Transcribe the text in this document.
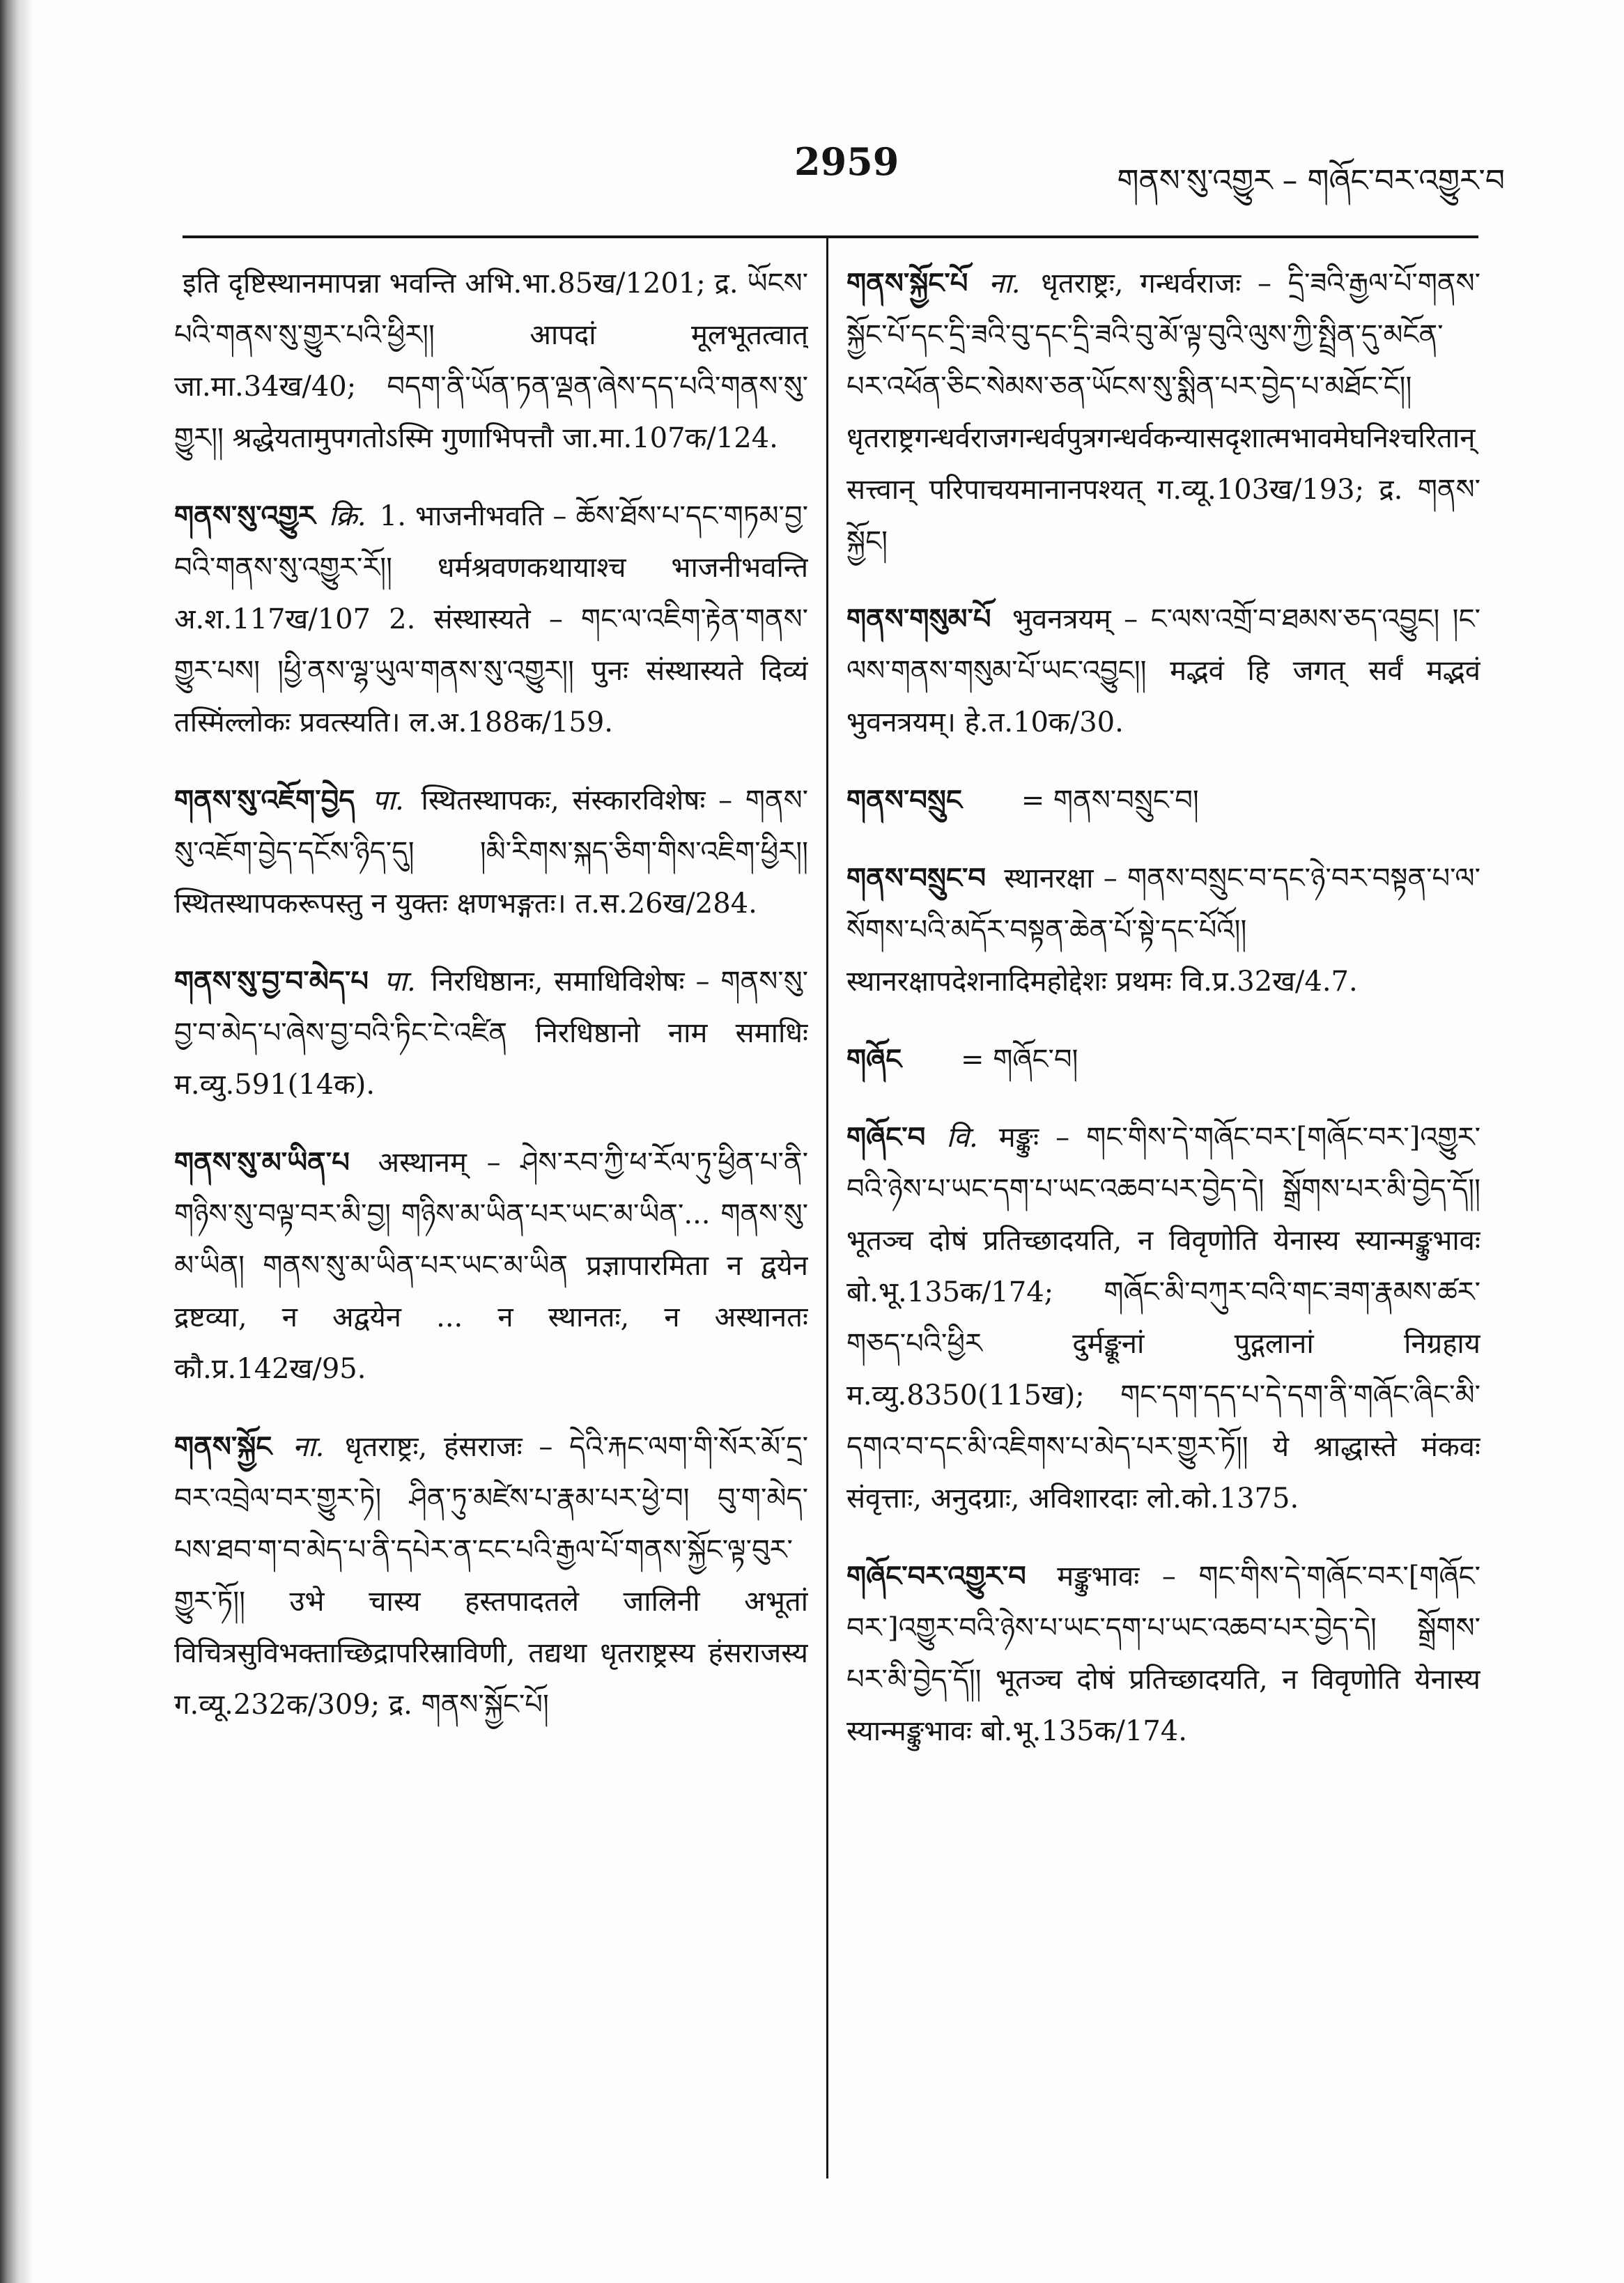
2959	གནས་སུ་འགྱུར – གཞོང་བར་འགྱུར་བ

इति दृष्टिस्थानमापन्ना भवन्ति अभि.भा.85ख/1201; द्र. ཡོངས་པའི་གནས་སུ་གྱུར་པའི་ཕྱིར།། आपदां मूलभूतत्वात् जा.मा.34ख/40; བདག་ནི་ཡོན་ཏན་ལྡན་ཞེས་དད་པའི་གནས་སུ་གྱུར།། श्रद्धेयतामुपगतोऽस्मि गुणाभिपत्तौ जा.मा.107क/124.

གནས་སུ་འགྱུར क्रि. 1. भाजनीभवति – ཆོས་ཐོས་པ་དང་གཏམ་བྱ་བའི་གནས་སུ་འགྱུར་རོ།། धर्मश्रवणकथायाश्च भाजनीभवन्ति अ.श.117ख/107 2. संस्थास्यते – གང་ལ་འཇིག་རྟེན་གནས་གྱུར་པས། །ཕྱི་ནས་ལྷ་ཡུལ་གནས་སུ་འགྱུར།། पुनः संस्थास्यते दिव्यं तस्मिंल्लोकः प्रवत्स्यति। ल.अ.188क/159.

གནས་སུ་འཇོག་བྱེད पा. स्थितस्थापकः, संस्कारविशेषः – གནས་སུ་འཇོག་བྱེད་དངོས་ཉིད་དུ། །མི་རིགས་སྐད་ཅིག་གིས་འཇིག་ཕྱིར།། स्थितस्थापकरूपस्तु न युक्तः क्षणभङ्गतः। त.स.26ख/284.

གནས་སུ་བྱ་བ་མེད་པ पा. निरधिष्ठानः, समाधिविशेषः – གནས་སུ་བྱ་བ་མེད་པ་ཞེས་བྱ་བའི་ཏིང་ངེ་འཛིན निरधिष्ठानो नाम समाधिः म.व्यु.591(14क).

གནས་སུ་མ་ཡིན་པ अस्थानम् – ཤེས་རབ་ཀྱི་ཕ་རོལ་ཏུ་ཕྱིན་པ་ནི་གཉིས་སུ་བལྟ་བར་མི་བྱ། གཉིས་མ་ཡིན་པར་ཡང་མ་ཡིན་... གནས་སུ་མ་ཡིན། གནས་སུ་མ་ཡིན་པར་ཡང་མ་ཡིན प्रज्ञापारमिता न द्वयेन द्रष्टव्या, न अद्वयेन ... न स्थानतः, न अस्थानतः कौ.प्र.142ख/95.

གནས་སྐྱོང ना. धृतराष्ट्रः, हंसराजः – དེའི་རྐང་ལག་གི་སོར་མོ་དྲ་བར་འབྲེལ་བར་གྱུར་ཏེ། ཤིན་ཏུ་མཛེས་པ་རྣམ་པར་ཕྱེ་བ། བུ་ག་མེད་པས་ཐབ་ག་བ་མེད་པ་ནི་དཔེར་ན་ངང་པའི་རྒྱལ་པོ་གནས་སྐྱོང་ལྟ་བུར་གྱུར་ཏོ།། उभे चास्य हस्तपादतले जालिनी अभूतां विचित्रसुविभक्ताच्छिद्रापरिस्राविणी, तद्यथा धृतराष्ट्रस्य हंसराजस्य ग.व्यू.232क/309; द्र. གནས་སྐྱོང་པོ།

གནས་སྐྱོང་པོ ना. धृतराष्ट्रः, गन्धर्वराजः – དྲི་ཟའི་རྒྱལ་པོ་གནས་སྐྱོང་པོ་དང་དྲི་ཟའི་བུ་དང་དྲི་ཟའི་བུ་མོ་ལྟ་བུའི་ལུས་ཀྱི་སྤྲིན་དུ་མངོན་པར་འཕོན་ཅིང་སེམས་ཅན་ཡོངས་སུ་སྨིན་པར་བྱེད་པ་མཐོང་ངོ།། धृतराष्ट्रगन्धर्वराजगन्धर्वपुत्रगन्धर्वकन्यासदृशात्मभावमेघनिश्चरितान् सत्त्वान् परिपाचयमानानपश्यत् ग.व्यू.103ख/193; द्र. གནས་སྐྱོང།

གནས་གསུམ་པོ भुवनत्रयम् – ང་ལས་འགྲོ་བ་ཐམས་ཅད་འབྱུང། །ང་ལས་གནས་གསུམ་པོ་ཡང་འབྱུང།། मद्भवं हि जगत् सर्वं मद्भवं भुवनत्रयम्। हे.त.10क/30.

གནས་བསྲུང = གནས་བསྲུང་བ།

གནས་བསྲུང་བ स्थानरक्षा – གནས་བསྲུང་བ་དང་ཉེ་བར་བསྟན་པ་ལ་སོགས་པའི་མདོར་བསྟན་ཆེན་པོ་སྟེ་དང་པོའོ།། स्थानरक्षापदेशनादिमहोद्देशः प्रथमः वि.प्र.32ख/4.7.

གཞོང = གཞོང་བ།

གཞོང་བ वि. मङ्कुः – གང་གིས་དེ་གཞོང་བར་[གཞོང་བར་]འགྱུར་བའི་ཉེས་པ་ཡང་དག་པ་ཡང་འཆབ་པར་བྱེད་དེ། སྒྲོགས་པར་མི་བྱེད་དོ།། भूतञ्च दोषं प्रतिच्छादयति, न विवृणोति येनास्य स्यान्मङ्कुभावः बो.भू.135क/174; གཞོང་མི་བཀུར་བའི་གང་ཟག་རྣམས་ཚར་གཅད་པའི་ཕྱིར दुर्मङ्कूनां पुद्गलानां निग्रहाय म.व्यु.8350(115ख); གང་དག་དད་པ་དེ་དག་ནི་གཞོང་ཞིང་མི་དགའ་བ་དང་མི་འཇིགས་པ་མེད་པར་གྱུར་ཏོ།། ये श्राद्धास्ते मंकवः संवृत्ताः, अनुदग्राः, अविशारदाः लो.को.1375.

གཞོང་བར་འགྱུར་བ मङ्कुभावः – གང་གིས་དེ་གཞོང་བར་[གཞོང་བར་]འགྱུར་བའི་ཉེས་པ་ཡང་དག་པ་ཡང་འཆབ་པར་བྱེད་དེ། སྒྲོགས་པར་མི་བྱེད་དོ།། भूतञ्च दोषं प्रतिच्छादयति, न विवृणोति येनास्य स्यान्मङ्कुभावः बो.भू.135क/174.
